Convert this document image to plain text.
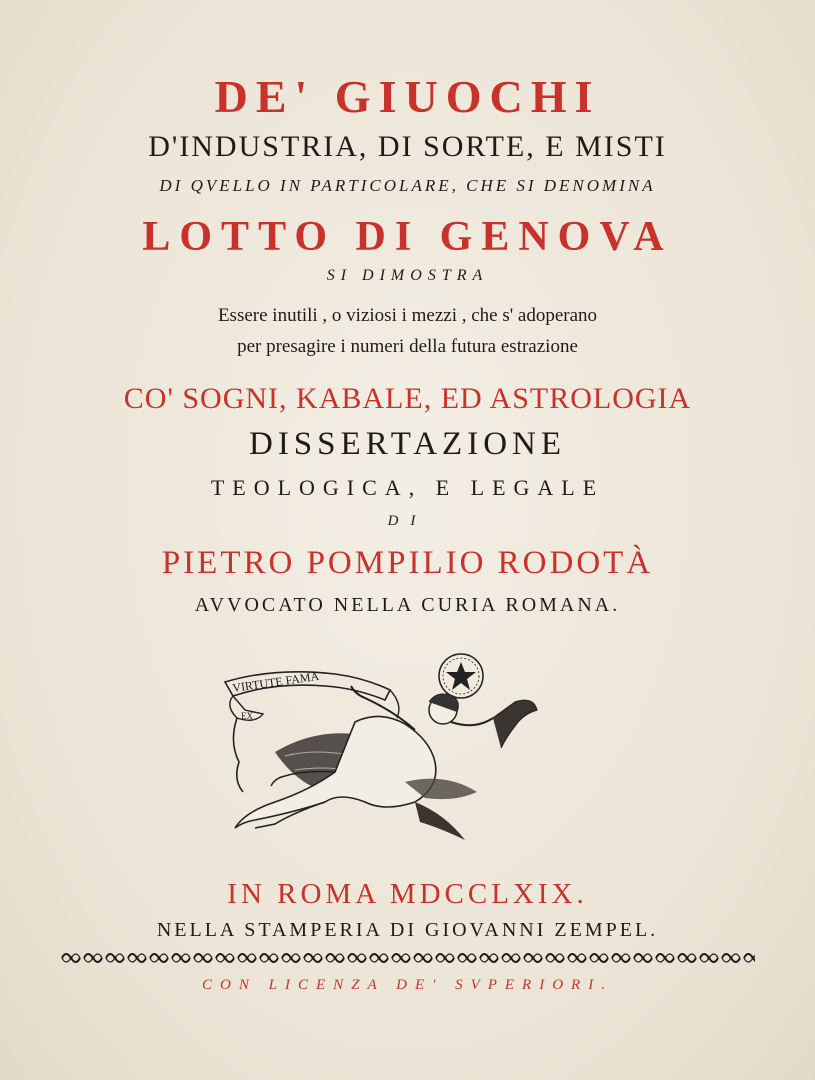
DE' GIUOCHI
D'INDUSTRIA, DI SORTE, E MISTI
DI QVELLO IN PARTICOLARE, CHE SI DENOMINA
LOTTO DI GENOVA
SI DIMOSTRA
Essere inutili , o viziosi i mezzi , che s' adoperano
per presagire i numeri della futura estrazione
CO' SOGNI, KABALE, ED ASTROLOGIA
DISSERTAZIONE
TEOLOGICA, E LEGALE
DI
PIETRO POMPILIO RODOTÀ
AVVOCATO NELLA CURIA ROMANA.
VIRTUTE FAMA
EX
IN ROMA MDCCLXIX.
NELLA STAMPERIA DI GIOVANNI ZEMPEL.
CON LICENZA DE' SVPERIORI.
